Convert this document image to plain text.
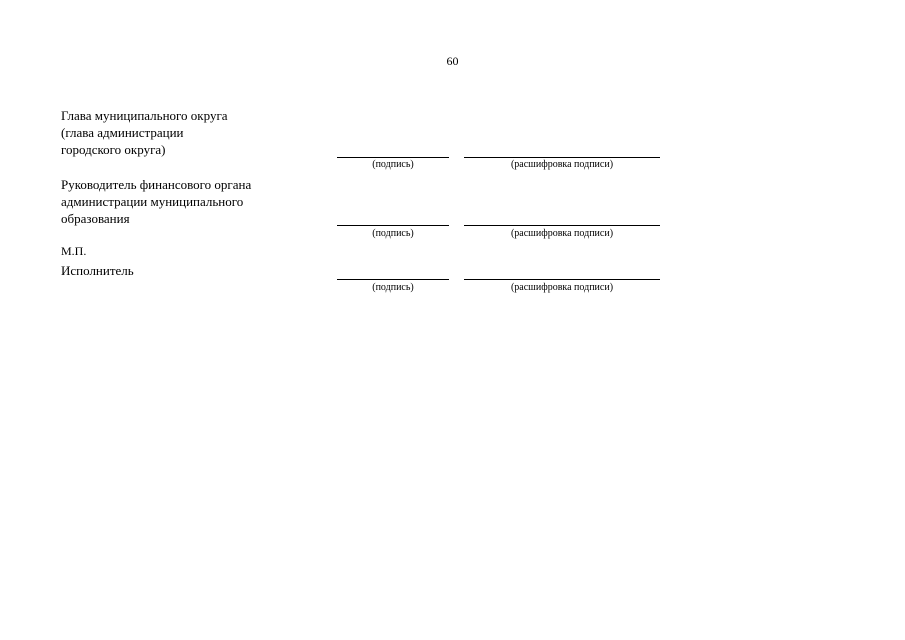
60
Глава муниципального округа
(глава администрации
городского округа)
(подпись)	(расшифровка подписи)
Руководитель финансового органа
администрации муниципального
образования
(подпись)	(расшифровка подписи)
М.П.
Исполнитель
(подпись)	(расшифровка подписи)
